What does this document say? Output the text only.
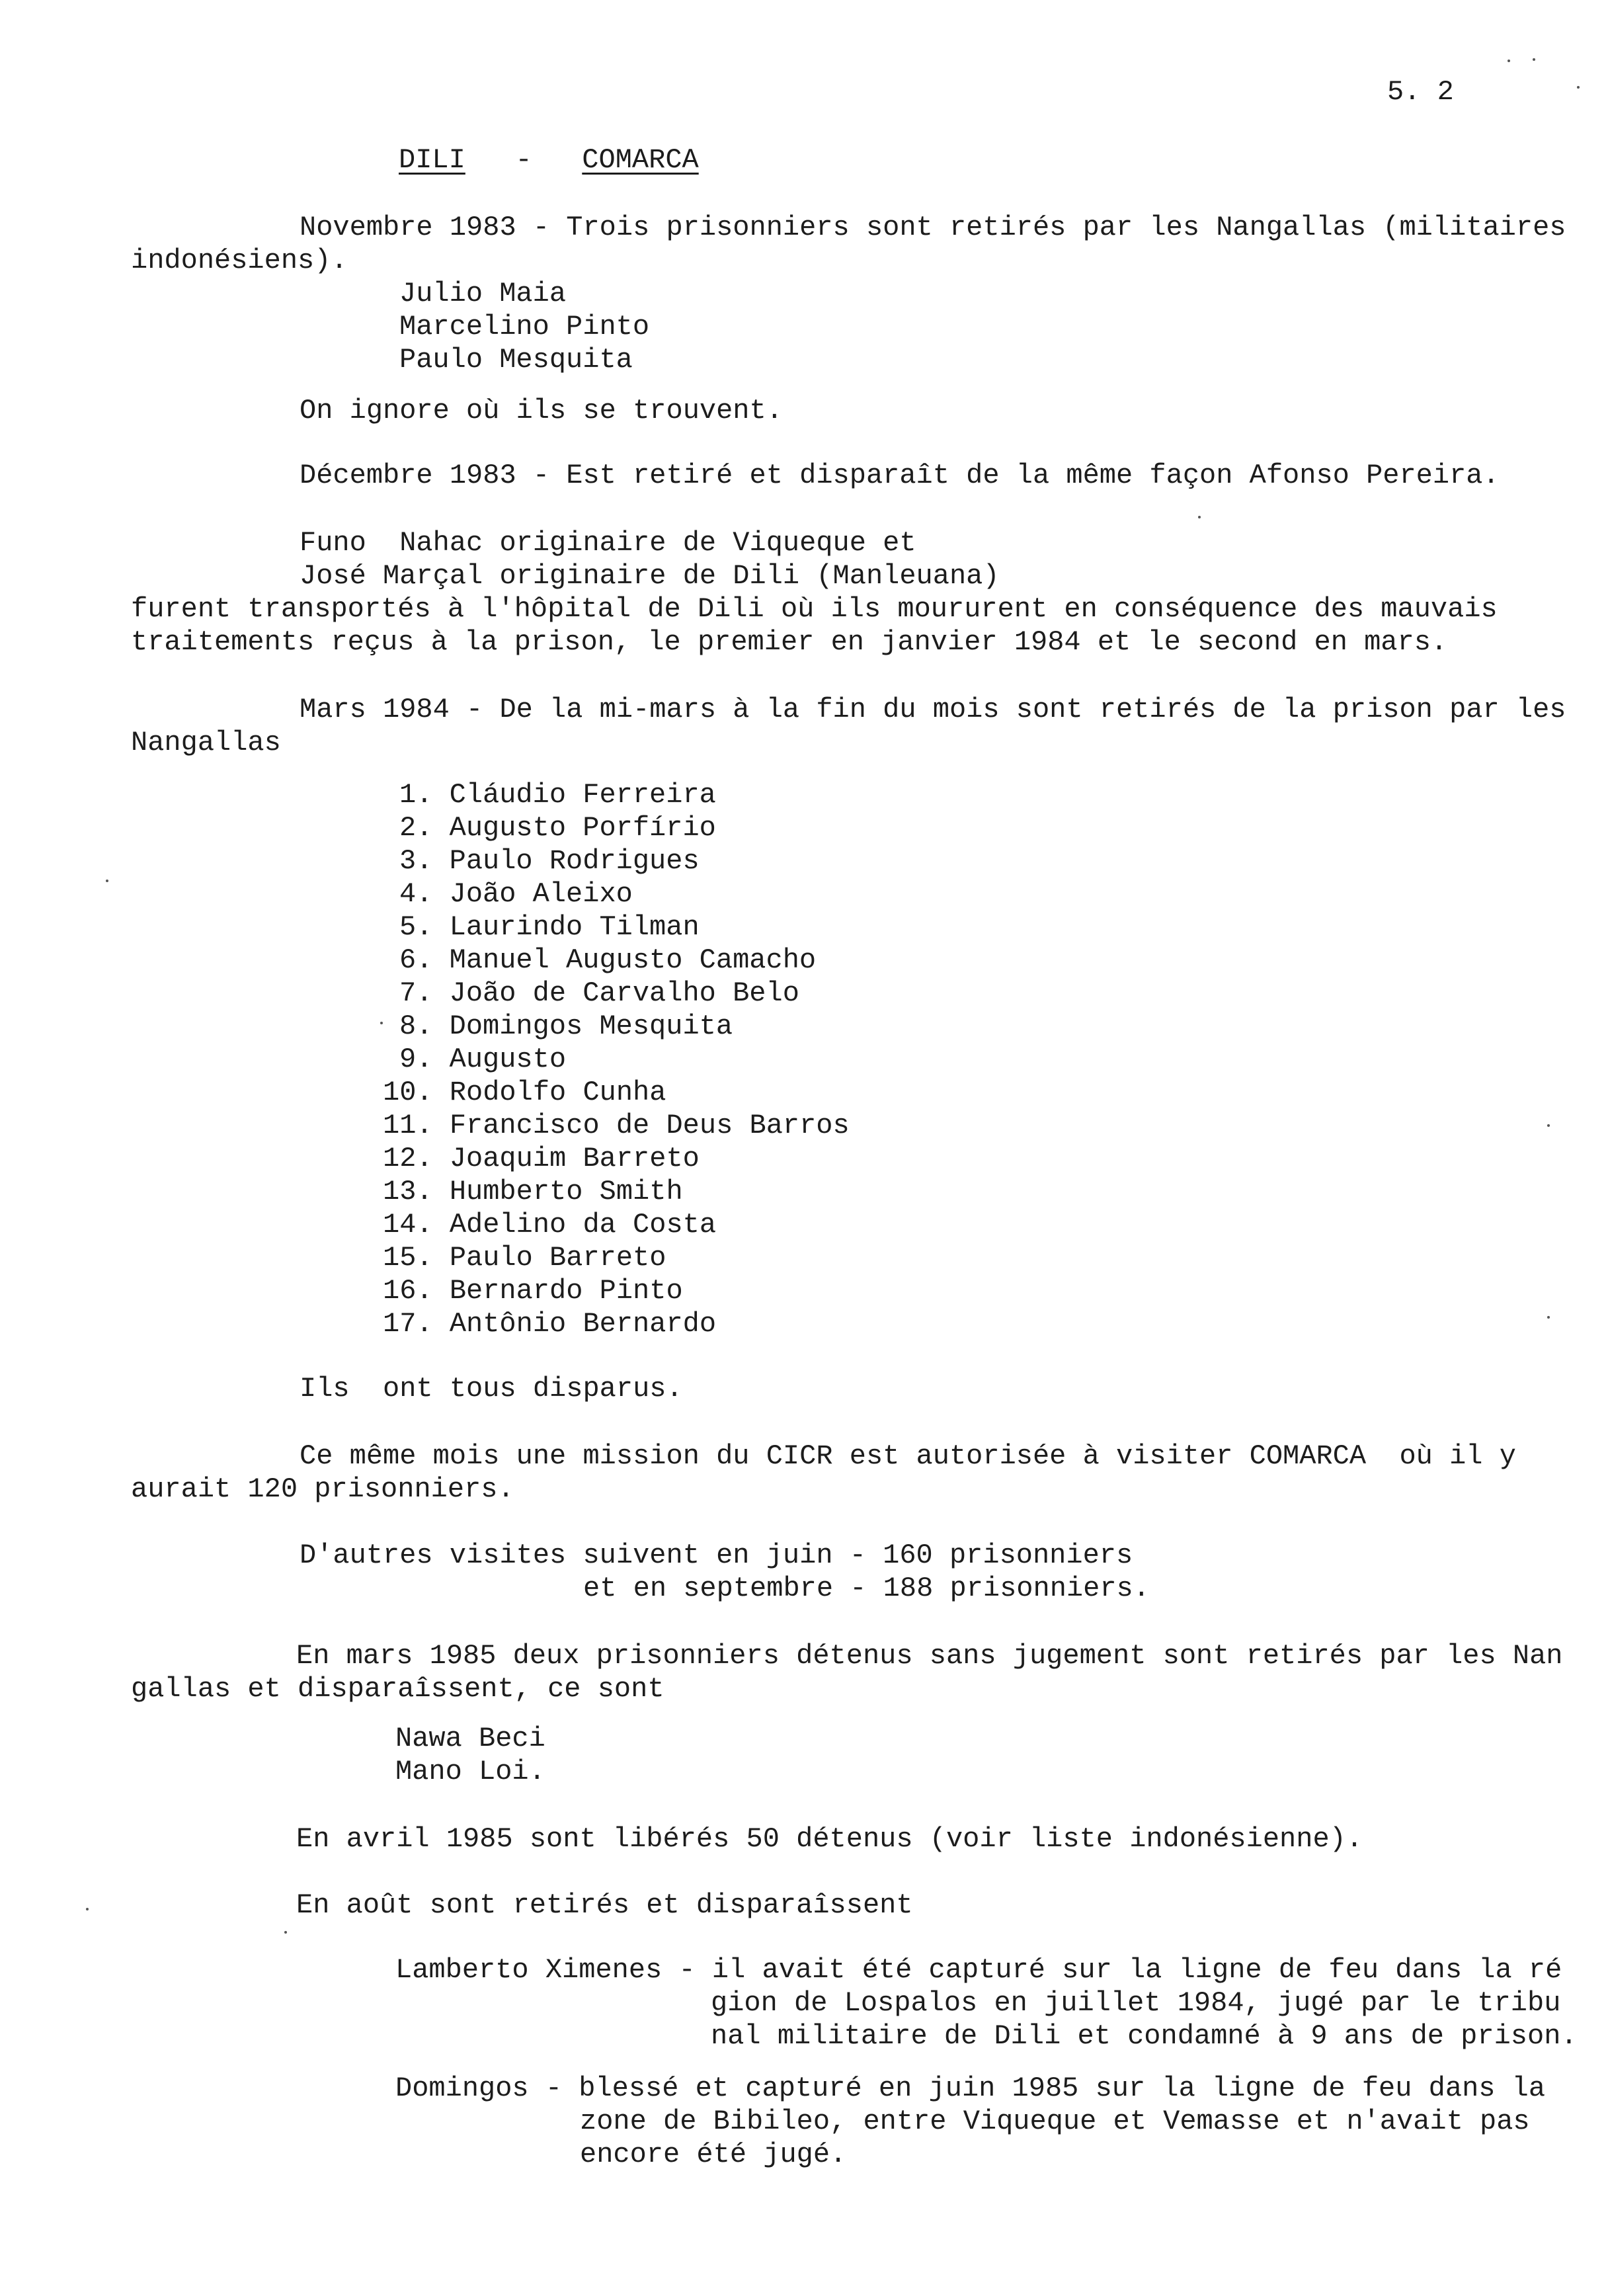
5. 2
DILI - COMARCA
Novembre 1983 - Trois prisonniers sont retirés par les Nangallas (militaires
indonésiens).
Julio Maia
Marcelino Pinto
Paulo Mesquita
On ignore où ils se trouvent.
Décembre 1983 - Est retiré et disparaît de la même façon Afonso Pereira.
Funo  Nahac originaire de Viqueque et
José Marçal originaire de Dili (Manleuana)
furent transportés à l'hôpital de Dili où ils moururent en conséquence des mauvais
traitements reçus à la prison, le premier en janvier 1984 et le second en mars.
Mars 1984 - De la mi-mars à la fin du mois sont retirés de la prison par les
Nangallas
1. Cláudio Ferreira
2. Augusto Porfírio
3. Paulo Rodrigues
4. João Aleixo
5. Laurindo Tilman
6. Manuel Augusto Camacho
7. João de Carvalho Belo
8. Domingos Mesquita
9. Augusto
10. Rodolfo Cunha
11. Francisco de Deus Barros
12. Joaquim Barreto
13. Humberto Smith
14. Adelino da Costa
15. Paulo Barreto
16. Bernardo Pinto
17. Antônio Bernardo
Ils  ont tous disparus.
Ce même mois une mission du CICR est autorisée à visiter COMARCA  où il y
aurait 120 prisonniers.
D'autres visites suivent en juin - 160 prisonniers
et en septembre - 188 prisonniers.
En mars 1985 deux prisonniers détenus sans jugement sont retirés par les Nan
gallas et disparaîssent, ce sont
Nawa Beci
Mano Loi.
En avril 1985 sont libérés 50 détenus (voir liste indonésienne).
En août sont retirés et disparaîssent
Lamberto Ximenes - il avait été capturé sur la ligne de feu dans la ré
gion de Lospalos en juillet 1984, jugé par le tribu
nal militaire de Dili et condamné à 9 ans de prison.
Domingos - blessé et capturé en juin 1985 sur la ligne de feu dans la
zone de Bibileo, entre Viqueque et Vemasse et n'avait pas
encore été jugé.
